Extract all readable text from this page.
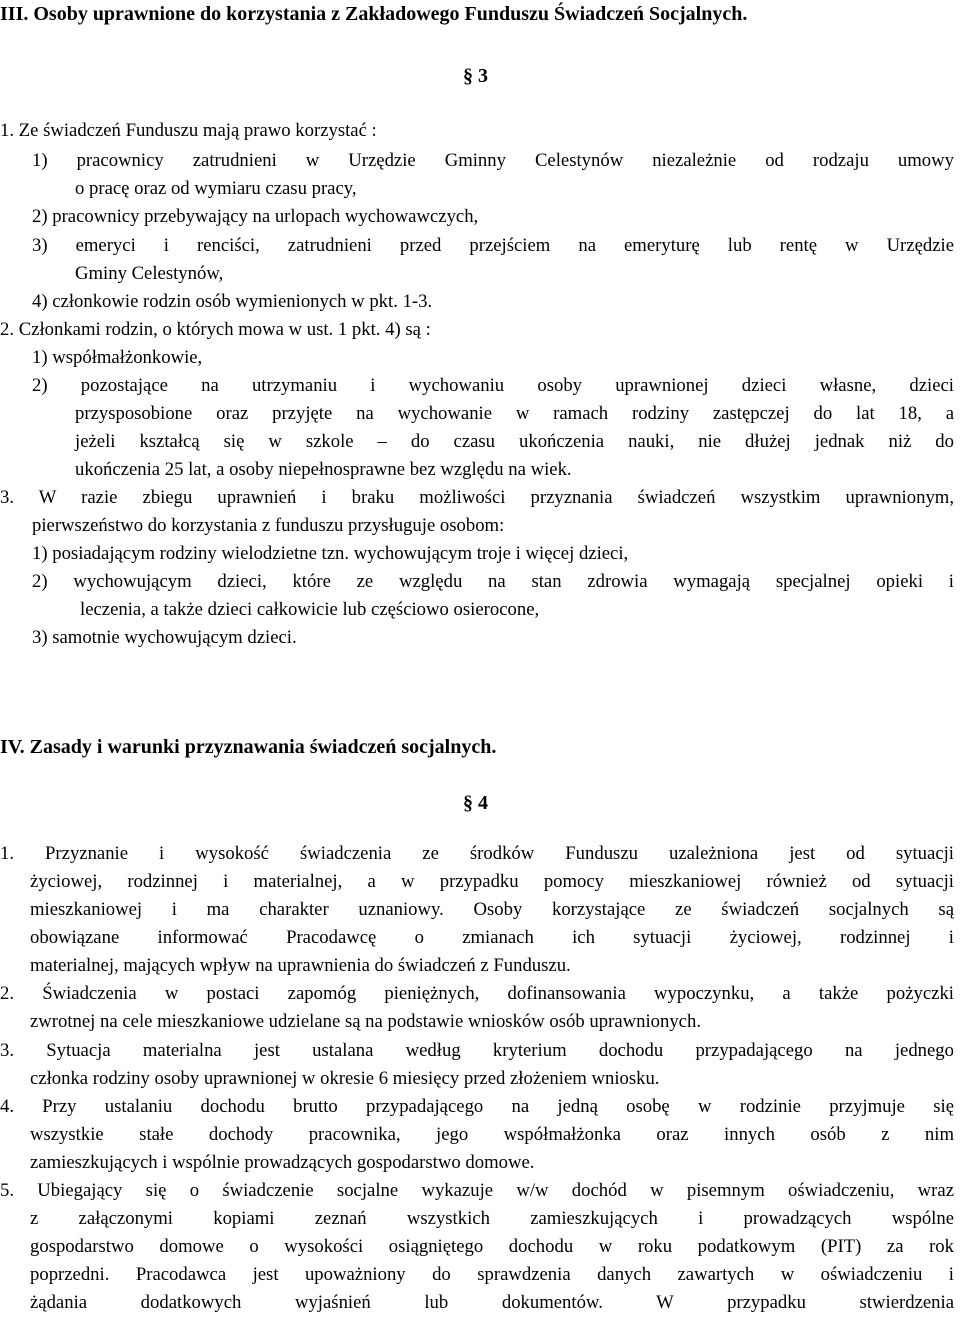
III. Osoby uprawnione do korzystania z Zakładowego Funduszu Świadczeń Socjalnych.
§ 3
1. Ze świadczeń Funduszu mają prawo korzystać :
1) pracownicy zatrudnieni w Urzędzie Gminny Celestynów niezależnie od rodzaju umowy
o pracę oraz od wymiaru czasu pracy,
2) pracownicy przebywający na urlopach wychowawczych,
3) emeryci i renciści, zatrudnieni przed przejściem na emeryturę lub rentę w Urzędzie
Gminy Celestynów,
4) członkowie rodzin osób wymienionych w pkt. 1-3.
2. Członkami rodzin, o których mowa w ust. 1 pkt. 4) są :
1) współmałżonkowie,
2) pozostające na utrzymaniu i wychowaniu osoby uprawnionej dzieci własne, dzieci
przysposobione oraz przyjęte na wychowanie w ramach rodziny zastępczej do lat 18, a
jeżeli kształcą się w szkole – do czasu ukończenia nauki, nie dłużej jednak niż do
ukończenia 25 lat, a osoby niepełnosprawne bez względu na wiek.
3. W razie zbiegu uprawnień i braku możliwości przyznania świadczeń wszystkim uprawnionym,
pierwszeństwo do korzystania z funduszu przysługuje osobom:
1) posiadającym rodziny wielodzietne tzn. wychowującym troje i więcej dzieci,
2) wychowującym dzieci, które ze względu na stan zdrowia wymagają specjalnej opieki i
leczenia, a także dzieci całkowicie lub częściowo osierocone,
3) samotnie wychowującym dzieci.
IV. Zasady i warunki przyznawania świadczeń socjalnych.
§ 4
1. Przyznanie i wysokość świadczenia ze środków Funduszu uzależniona jest od sytuacji
życiowej, rodzinnej i materialnej, a w przypadku pomocy mieszkaniowej również od sytuacji
mieszkaniowej i ma charakter uznaniowy. Osoby korzystające ze świadczeń socjalnych są
obowiązane informować Pracodawcę o zmianach ich sytuacji życiowej, rodzinnej i
materialnej, mających wpływ na uprawnienia do świadczeń z Funduszu.
2. Świadczenia w postaci zapomóg pieniężnych, dofinansowania wypoczynku, a także pożyczki
zwrotnej na cele mieszkaniowe udzielane są na podstawie wniosków osób uprawnionych.
3. Sytuacja materialna jest ustalana według kryterium dochodu przypadającego na jednego
członka rodziny osoby uprawnionej w okresie 6 miesięcy przed złożeniem wniosku.
4. Przy ustalaniu dochodu brutto przypadającego na jedną osobę w rodzinie przyjmuje się
wszystkie stałe dochody pracownika, jego współmałżonka oraz innych osób z nim
zamieszkujących i wspólnie prowadzących gospodarstwo domowe.
5. Ubiegający się o świadczenie socjalne wykazuje w/w dochód w pisemnym oświadczeniu, wraz
z załączonymi kopiami zeznań wszystkich zamieszkujących i prowadzących wspólne
gospodarstwo domowe o wysokości osiągniętego dochodu w roku podatkowym (PIT) za rok
poprzedni. Pracodawca jest upoważniony do sprawdzenia danych zawartych w oświadczeniu i
żądania dodatkowych wyjaśnień lub dokumentów. W przypadku stwierdzenia
